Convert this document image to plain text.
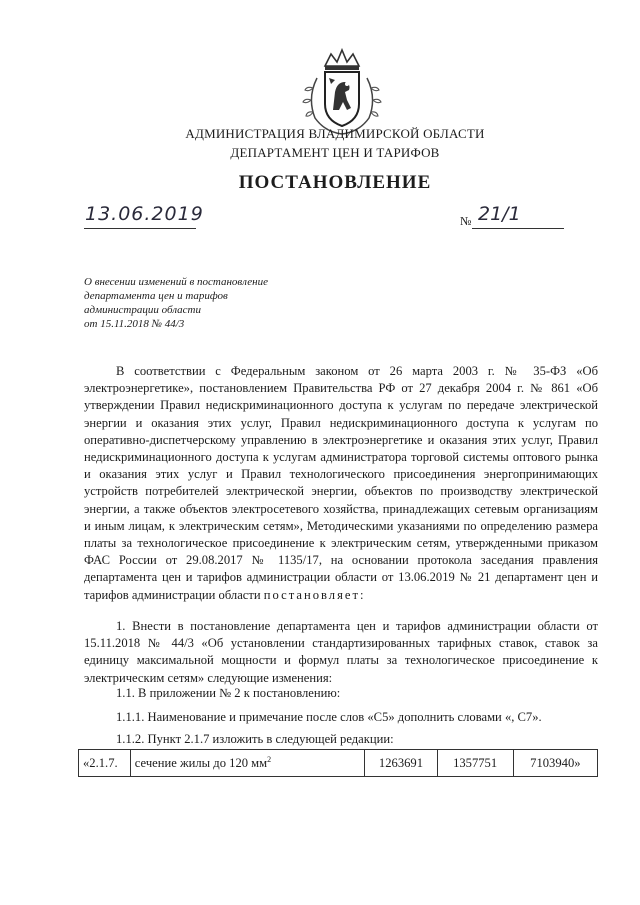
АДМИНИСТРАЦИЯ ВЛАДИМИРСКОЙ ОБЛАСТИ
ДЕПАРТАМЕНТ ЦЕН И ТАРИФОВ
ПОСТАНОВЛЕНИЕ
13.06.2019	№ 21/1
О внесении изменений в постановление
департамента цен и тарифов
администрации области
от 15.11.2018 № 44/3
В соответствии с Федеральным законом от 26 марта 2003 г. № 35-ФЗ «Об электроэнергетике», постановлением Правительства РФ от 27 декабря 2004 г. № 861 «Об утверждении Правил недискриминационного доступа к услугам по передаче электрической энергии и оказания этих услуг, Правил недискриминационного доступа к услугам по оперативно-диспетчерскому управлению в электроэнергетике и оказания этих услуг, Правил недискриминационного доступа к услугам администратора торговой системы оптового рынка и оказания этих услуг и Правил технологического присоединения энергопринимающих устройств потребителей электрической энергии, объектов по производству электрической энергии, а также объектов электросетевого хозяйства, принадлежащих сетевым организациям и иным лицам, к электрическим сетям», Методическими указаниями по определению размера платы за технологическое присоединение к электрическим сетям, утвержденными приказом ФАС России от 29.08.2017 № 1135/17, на основании протокола заседания правления департамента цен и тарифов администрации области от 13.06.2019 № 21 департамент цен и тарифов администрации области постановляет:
1. Внести в постановление департамента цен и тарифов администрации области от 15.11.2018 № 44/3 «Об установлении стандартизированных тарифных ставок, ставок за единицу максимальной мощности и формул платы за технологическое присоединение к электрическим сетям» следующие изменения:
1.1. В приложении № 2 к постановлению:
1.1.1. Наименование и примечание после слов «С5» дополнить словами «, С7».
1.1.2. Пункт 2.1.7 изложить в следующей редакции:
«2.1.7.	сечение жилы до 120 $мм^2$	1263691	1357751	7103940»
